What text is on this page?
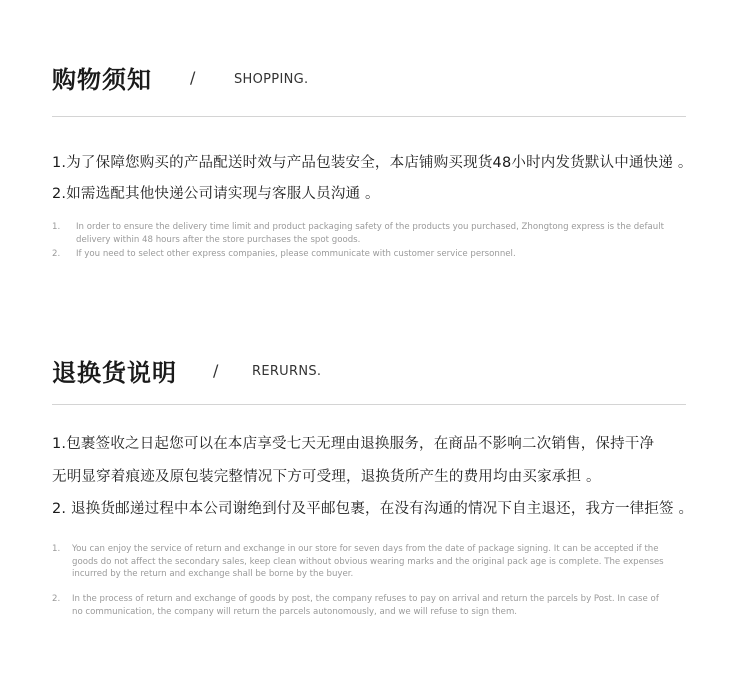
购物须知 /	SHOPPING.
1.为了保障您购买的产品配送时效与产品包装安全，本店铺购买现货48小时内发货默认中通快递 。
2.如需选配其他快递公司请实现与客服人员沟通 。
1. In order to ensure the delivery time limit and product packaging safety of the products you purchased, Zhongtong express is the default delivery within 48 hours after the store purchases the spot goods.
2. If you need to select other express companies, please communicate with customer service personnel.
退换货说明 /	RERURNS.
1.包裹签收之日起您可以在本店享受七天无理由退换服务，在商品不影响二次销售，保持干净
无明显穿着痕迹及原包装完整情况下方可受理，退换货所产生的费用均由买家承担 。
2. 退换货邮递过程中本公司谢绝到付及平邮包裹，在没有沟通的情况下自主退还，我方一律拒签 。
1. You can enjoy the service of return and exchange in our store for seven days from the date of package signing. It can be accepted if the goods do not affect the secondary sales, keep clean without obvious wearing marks and the original pack age is complete. The expenses incurred by the return and exchange shall be borne by the buyer.
2. In the process of return and exchange of goods by post, the company refuses to pay on arrival and return the parcels by Post. In case of no communication, the company will return the parcels autonomously, and we will refuse to sign them.
